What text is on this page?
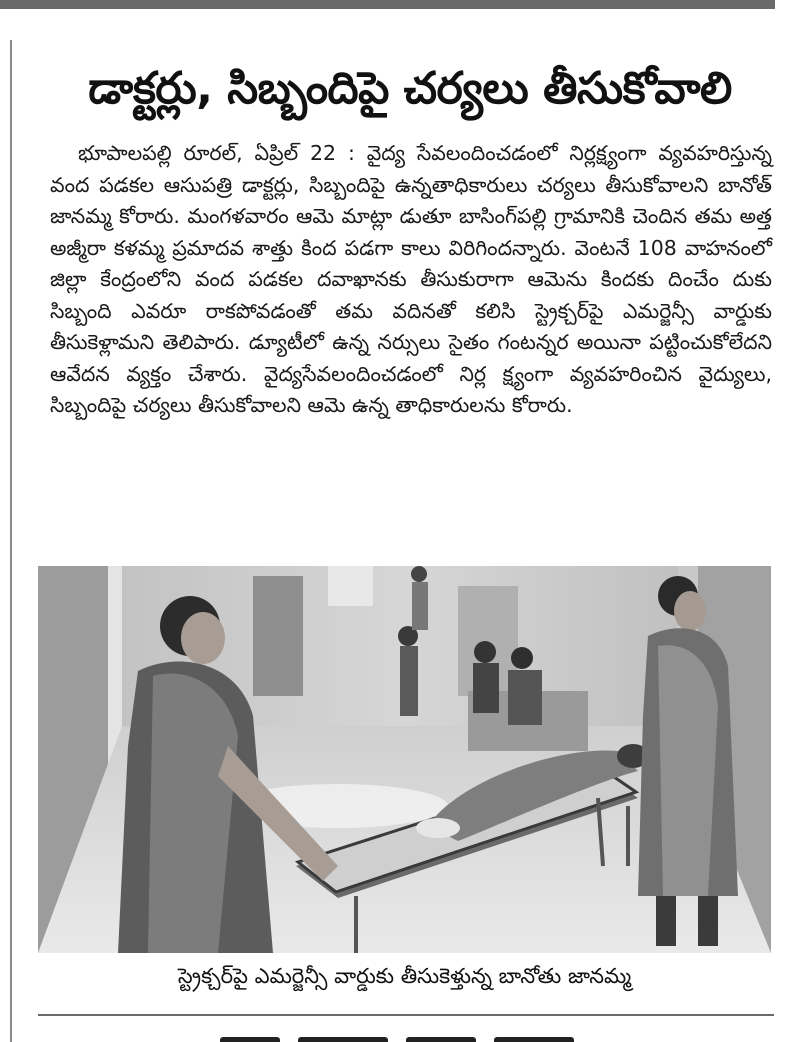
డాక్టర్లు, సిబ్బందిపై చర్యలు తీసుకోవాలి

భూపాలపల్లి రూరల్, ఏప్రిల్ 22 : వైద్య సేవలందించడంలో నిర్లక్ష్యంగా వ్యవహరిస్తున్న వంద పడకల ఆసుపత్రి డాక్టర్లు, సిబ్బందిపై ఉన్నతాధికారులు చర్యలు తీసుకోవాలని బానోత్ జానమ్మ కోరారు. మంగళవారం ఆమె మాట్లా డుతూ బాసింగ్‌పల్లి గ్రామానికి చెందిన తమ అత్త అజ్మీరా కళమ్మ ప్రమాదవ శాత్తు కింద పడగా కాలు విరిగిందన్నారు. వెంటనే 108 వాహనంలో జిల్లా కేంద్రంలోని వంద పడకల దవాఖానకు తీసుకురాగా ఆమెను కిందకు దించేం దుకు సిబ్బంది ఎవరూ రాకపోవడంతో తమ వదినతో కలిసి స్ట్రెక్చర్‌పై ఎమర్జెన్సీ వార్డుకు తీసుకెళ్లామని తెలిపారు. డ్యూటీలో ఉన్న నర్సులు సైతం గంటన్నర అయినా పట్టించుకోలేదని ఆవేదన వ్యక్తం చేశారు. వైద్యసేవలందించడంలో నిర్ల క్ష్యంగా వ్యవహరించిన వైద్యులు, సిబ్బందిపై చర్యలు తీసుకోవాలని ఆమె ఉన్న తాధికారులను కోరారు.

స్ట్రెక్చర్‌పై ఎమర్జెన్సీ వార్డుకు తీసుకెళ్తున్న బానోతు జానమ్మ
